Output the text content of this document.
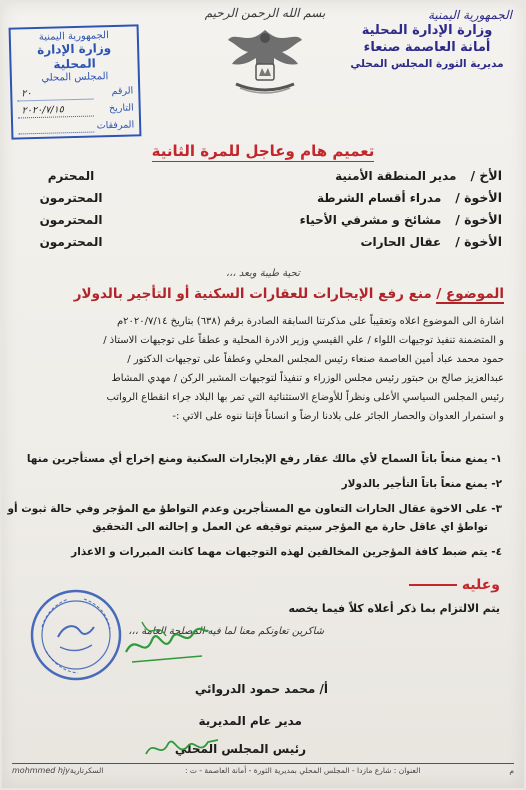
الجمهورية اليمنية
وزارة الإدارة المحلية
أمانة العاصمة صنعاء
مديرية الثورة المجلس المحلي
بسم الله الرحمن الرحيم
الجمهورية اليمنية
وزارة الإدارة المحلية
المجلس المحلي
الرقم
٢٠
التاريخ
٢٠٢٠/٧/١٥
المرفقات
تعميم هام وعاجل للمرة الثانية
الأخ /
مدير المنطقة الأمنية
المحترم
الأخوة /
مدراء أقسام الشرطة
المحترمون
الأخوة /
مشائخ و مشرفي الأحياء
المحترمون
الأخوة /
عقال الحارات
المحترمون
تحية طيبة وبعد ،،،
الموضوع / منع رفع الإيجارات للعقارات السكنية أو التأجير بالدولار

اشارة الى الموضوع اعلاه وتعقيباً على مذكرتنا السابقة الصادرة برقم (٦٣٨) بتاريخ ٢٠٢٠/٧/١٤م

و المتضمنة تنفيذ توجيهات اللواء / علي القيسي وزير الادرة المحلية و عطفاً على توجيهات الاستاذ /

حمود محمد عباد أمين العاصمة صنعاء رئيس المجلس المحلي وعطفاً على توجيهات الدكتور /

عبدالعزيز صالح بن حبتور رئيس مجلس الوزراء و تنفيذاً لتوجيهات المشير الركن / مهدي المشاط

رئيس المجلس السياسي الأعلى ونظراً للأوضاع الاستثنائية التي تمر بها البلاد جراء انقطاع الرواتب

و استمرار العدوان والحصار الجائر على بلادنا ارضاً و انساناً فإننا ننوه على الاتي :-

١- يمنع منعاً باتاً السماح لأي مالك عقار رفع الإيجارات السكنية ومنع إخراج أي مستأجرين منها
٢- يمنع منعاً باتاً التأجير بالدولار
٣- على الاخوة عقال الحارات التعاون مع المستأجرين وعدم التواطؤ مع المؤجر وفي حالة ثبوت أو
تواطؤ اي عاقل حارة مع المؤجر سيتم توقيفه عن العمل و إحالته الى التحقيق
٤- يتم ضبط كافة المؤجرين المخالفين لهذه التوجيهات مهما كانت المبررات و الاعذار
وعليه
يتم الالتزام بما ذكر أعلاه كلاً فيما يخصه
شاكرين تعاونكم معنا لما فيه المصلحة العامة ،،،
أ/ محمد حمود الدروائي
مدير عام المديرية
رئيس المجلس المحلي
mohmmed hjy السكرتارية	العنوان : شارع مازدا - المجلس المحلي بمديرية الثورة - أمانة العاصمة - ت :	م
